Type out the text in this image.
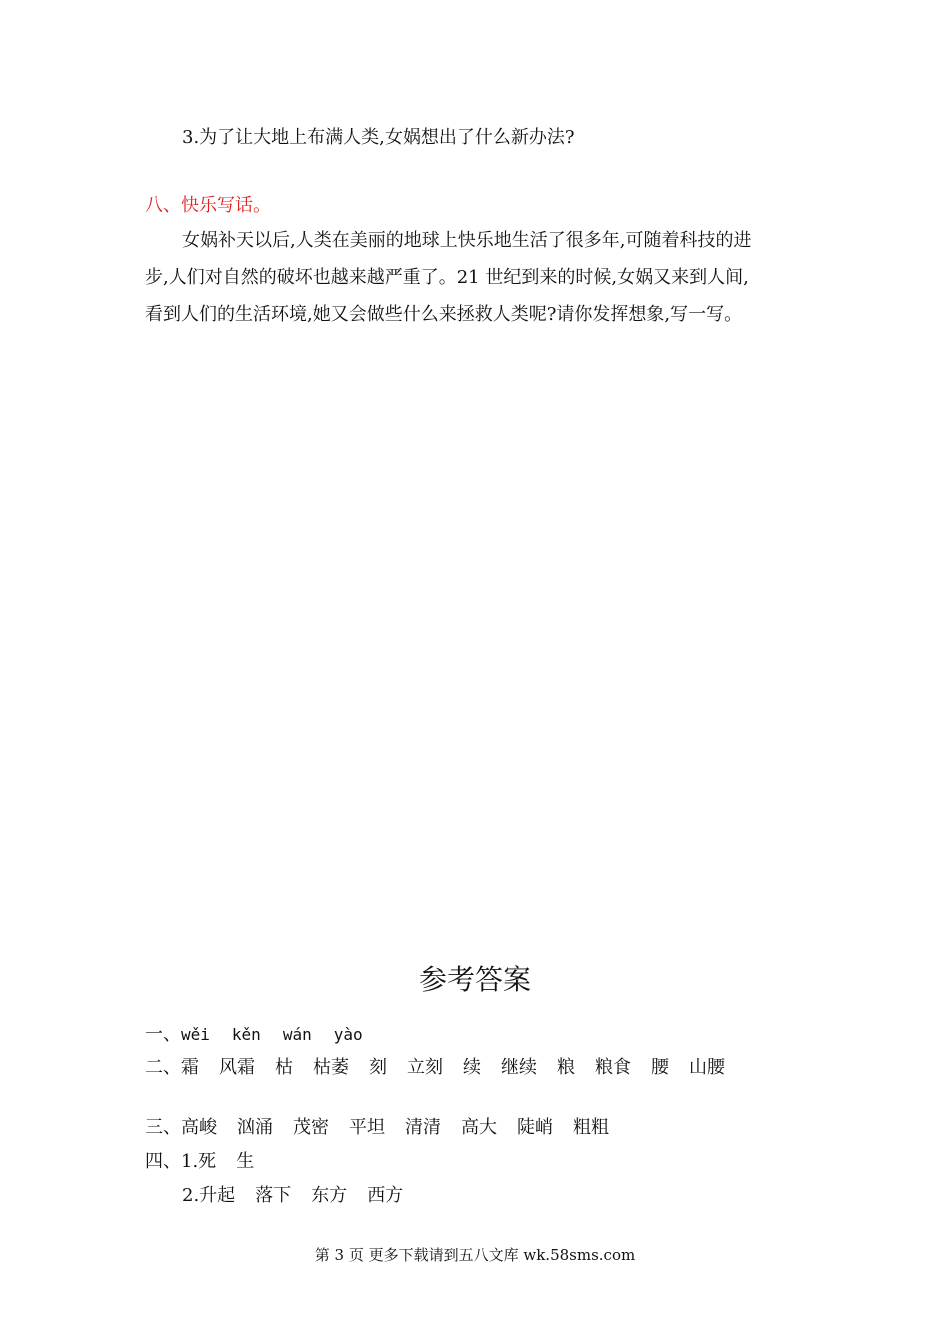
3.为了让大地上布满人类,女娲想出了什么新办法?
八、快乐写话。
女娲补天以后,人类在美丽的地球上快乐地生活了很多年,可随着科技的进
步,人们对自然的破坏也越来越严重了。21 世纪到来的时候,女娲又来到人间,
看到人们的生活环境,她又会做些什么来拯救人类呢?请你发挥想象,写一写。
参考答案
一、wěi kěn wán yào
二、霜 风霜 枯 枯萎 刻 立刻 续 继续 粮 粮食 腰 山腰
三、高峻 汹涌 茂密 平坦 清清 高大 陡峭 粗粗
四、1.死 生
2.升起 落下 东方 西方
第 3 页 更多下载请到五八文库 wk.58sms.com
